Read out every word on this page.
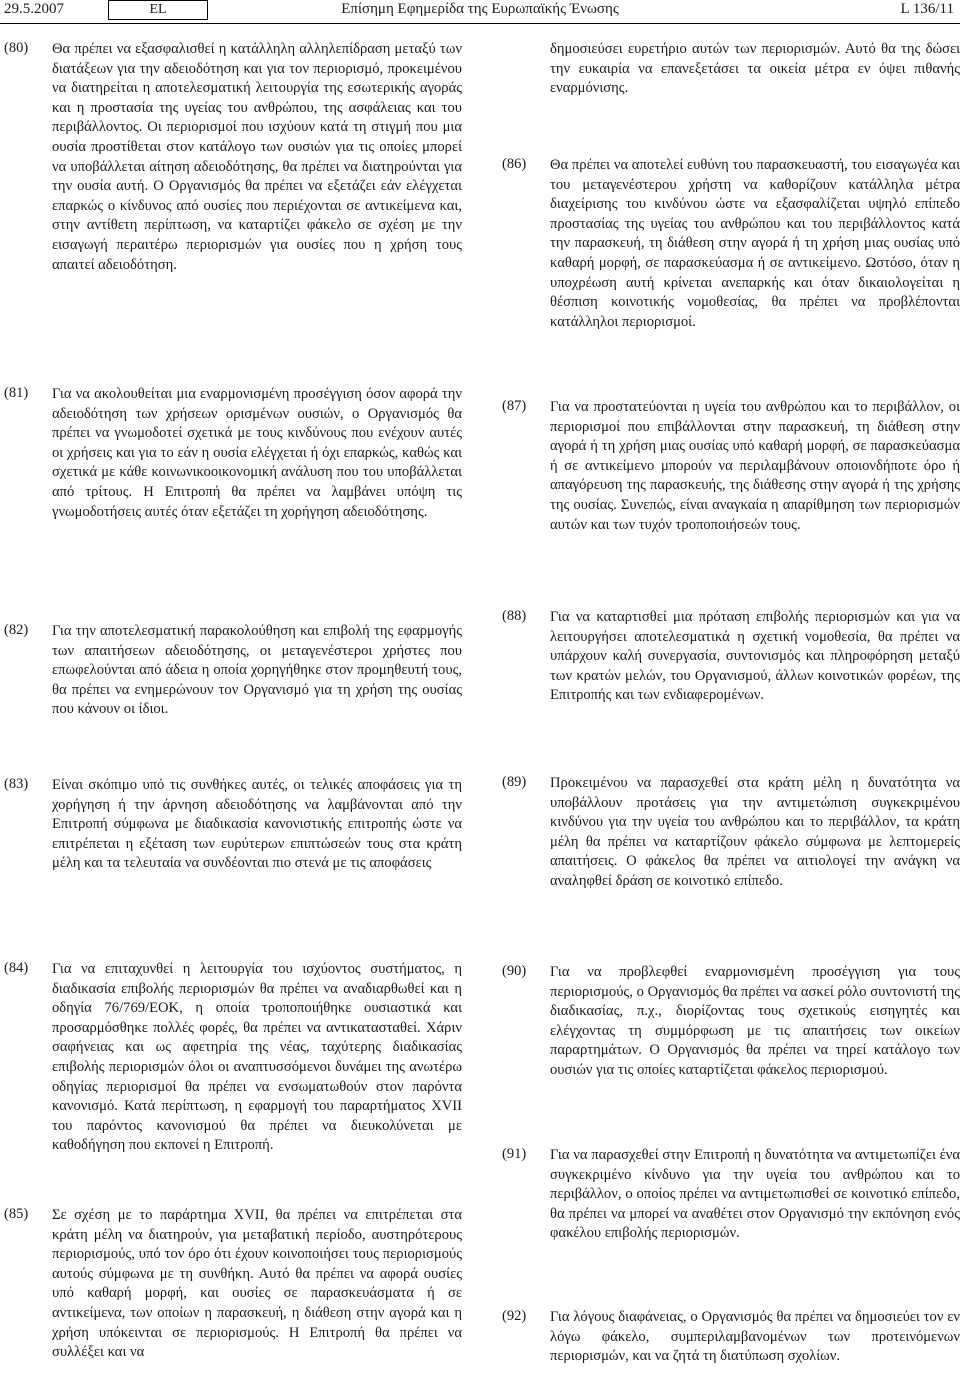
29.5.2007	EL	Επίσημη Εφημερίδα της Ευρωπαϊκής Ένωσης	L 136/11
(80) Θα πρέπει να εξασφαλισθεί η κατάλληλη αλληλεπίδραση μεταξύ των διατάξεων για την αδειοδότηση και για τον περιορισμό, προκειμένου να διατηρείται η αποτελεσματική λειτουργία της εσωτερικής αγοράς και η προστασία της υγείας του ανθρώπου, της ασφάλειας και του περιβάλλοντος. Οι περιορισμοί που ισχύουν κατά τη στιγμή που μια ουσία προστίθεται στον κατάλογο των ουσιών για τις οποίες μπορεί να υποβάλλεται αίτηση αδειοδότησης, θα πρέπει να διατηρούνται για την ουσία αυτή. Ο Οργανισμός θα πρέπει να εξετάζει εάν ελέγχεται επαρκώς ο κίνδυνος από ουσίες που περιέχονται σε αντικείμενα και, στην αντίθετη περίπτωση, να καταρτίζει φάκελο σε σχέση με την εισαγωγή περαιτέρω περιορισμών για ουσίες που η χρήση τους απαιτεί αδειοδότηση.
(81) Για να ακολουθείται μια εναρμονισμένη προσέγγιση όσον αφορά την αδειοδότηση των χρήσεων ορισμένων ουσιών, ο Οργανισμός θα πρέπει να γνωμοδοτεί σχετικά με τους κινδύνους που ενέχουν αυτές οι χρήσεις και για το εάν η ουσία ελέγχεται ή όχι επαρκώς, καθώς και σχετικά με κάθε κοινωνικοοικονομική ανάλυση που του υποβάλλεται από τρίτους. Η Επιτροπή θα πρέπει να λαμβάνει υπόψη τις γνωμοδοτήσεις αυτές όταν εξετάζει τη χορήγηση αδειοδότησης.
(82) Για την αποτελεσματική παρακολούθηση και επιβολή της εφαρμογής των απαιτήσεων αδειοδότησης, οι μεταγενέστεροι χρήστες που επωφελούνται από άδεια η οποία χορηγήθηκε στον προμηθευτή τους, θα πρέπει να ενημερώνουν τον Οργανισμό για τη χρήση της ουσίας που κάνουν οι ίδιοι.
(83) Είναι σκόπιμο υπό τις συνθήκες αυτές, οι τελικές αποφάσεις για τη χορήγηση ή την άρνηση αδειοδότησης να λαμβάνονται από την Επιτροπή σύμφωνα με διαδικασία κανονιστικής επιτροπής ώστε να επιτρέπεται η εξέταση των ευρύτερων επιπτώσεών τους στα κράτη μέλη και τα τελευταία να συνδέονται πιο στενά με τις αποφάσεις
(84) Για να επιταχυνθεί η λειτουργία του ισχύοντος συστήματος, η διαδικασία επιβολής περιορισμών θα πρέπει να αναδιαρθωθεί και η οδηγία 76/769/ΕΟΚ, η οποία τροποποιήθηκε ουσιαστικά και προσαρμόσθηκε πολλές φορές, θα πρέπει να αντικατασταθεί. Χάριν σαφήνειας και ως αφετηρία της νέας, ταχύτερης διαδικασίας επιβολής περιορισμών όλοι οι αναπτυσσόμενοι δυνάμει της ανωτέρω οδηγίας περιορισμοί θα πρέπει να ενσωματωθούν στον παρόντα κανονισμό. Κατά περίπτωση, η εφαρμογή του παραρτήματος XVII του παρόντος κανονισμού θα πρέπει να διευκολύνεται με καθοδήγηση που εκπονεί η Επιτροπή.
(85) Σε σχέση με το παράρτημα XVII, θα πρέπει να επιτρέπεται στα κράτη μέλη να διατηρούν, για μεταβατική περίοδο, αυστηρότερους περιορισμούς, υπό τον όρο ότι έχουν κοινοποιήσει τους περιορισμούς αυτούς σύμφωνα με τη συνθήκη. Αυτό θα πρέπει να αφορά ουσίες υπό καθαρή μορφή, και ουσίες σε παρασκευάσματα ή σε αντικείμενα, των οποίων η παρασκευή, η διάθεση στην αγορά και η χρήση υπόκεινται σε περιορισμούς. Η Επιτροπή θα πρέπει να συλλέξει και να
δημοσιεύσει ευρετήριο αυτών των περιορισμών. Αυτό θα της δώσει την ευκαιρία να επανεξετάσει τα οικεία μέτρα εν όψει πιθανής εναρμόνισης.
(86) Θα πρέπει να αποτελεί ευθύνη του παρασκευαστή, του εισαγωγέα και του μεταγενέστερου χρήστη να καθορίζουν κατάλληλα μέτρα διαχείρισης του κινδύνου ώστε να εξασφαλίζεται υψηλό επίπεδο προστασίας της υγείας του ανθρώπου και του περιβάλλοντος κατά την παρασκευή, τη διάθεση στην αγορά ή τη χρήση μιας ουσίας υπό καθαρή μορφή, σε παρασκεύασμα ή σε αντικείμενο. Ωστόσο, όταν η υποχρέωση αυτή κρίνεται ανεπαρκής και όταν δικαιολογείται η θέσπιση κοινοτικής νομοθεσίας, θα πρέπει να προβλέπονται κατάλληλοι περιορισμοί.
(87) Για να προστατεύονται η υγεία του ανθρώπου και το περιβάλλον, οι περιορισμοί που επιβάλλονται στην παρασκευή, τη διάθεση στην αγορά ή τη χρήση μιας ουσίας υπό καθαρή μορφή, σε παρασκεύασμα ή σε αντικείμενο μπορούν να περιλαμβάνουν οποιονδήποτε όρο ή απαγόρευση της παρασκευής, της διάθεσης στην αγορά ή της χρήσης της ουσίας. Συνεπώς, είναι αναγκαία η απαρίθμηση των περιορισμών αυτών και των τυχόν τροποποιήσεών τους.
(88) Για να καταρτισθεί μια πρόταση επιβολής περιορισμών και για να λειτουργήσει αποτελεσματικά η σχετική νομοθεσία, θα πρέπει να υπάρχουν καλή συνεργασία, συντονισμός και πληροφόρηση μεταξύ των κρατών μελών, του Οργανισμού, άλλων κοινοτικών φορέων, της Επιτροπής και των ενδιαφερομένων.
(89) Προκειμένου να παρασχεθεί στα κράτη μέλη η δυνατότητα να υποβάλλουν προτάσεις για την αντιμετώπιση συγκεκριμένου κινδύνου για την υγεία του ανθρώπου και το περιβάλλον, τα κράτη μέλη θα πρέπει να καταρτίζουν φάκελο σύμφωνα με λεπτομερείς απαιτήσεις. Ο φάκελος θα πρέπει να αιτιολογεί την ανάγκη να αναληφθεί δράση σε κοινοτικό επίπεδο.
(90) Για να προβλεφθεί εναρμονισμένη προσέγγιση για τους περιορισμούς, ο Οργανισμός θα πρέπει να ασκεί ρόλο συντονιστή της διαδικασίας, π.χ., διορίζοντας τους σχετικούς εισηγητές και ελέγχοντας τη συμμόρφωση με τις απαιτήσεις των οικείων παραρτημάτων. Ο Οργανισμός θα πρέπει να τηρεί κατάλογο των ουσιών για τις οποίες καταρτίζεται φάκελος περιορισμού.
(91) Για να παρασχεθεί στην Επιτροπή η δυνατότητα να αντιμετωπίζει ένα συγκεκριμένο κίνδυνο για την υγεία του ανθρώπου και το περιβάλλον, ο οποίος πρέπει να αντιμετωπισθεί σε κοινοτικό επίπεδο, θα πρέπει να μπορεί να αναθέτει στον Οργανισμό την εκπόνηση ενός φακέλου επιβολής περιορισμών.
(92) Για λόγους διαφάνειας, ο Οργανισμός θα πρέπει να δημοσιεύει τον εν λόγω φάκελο, συμπεριλαμβανομένων των προτεινόμενων περιορισμών, και να ζητά τη διατύπωση σχολίων.
